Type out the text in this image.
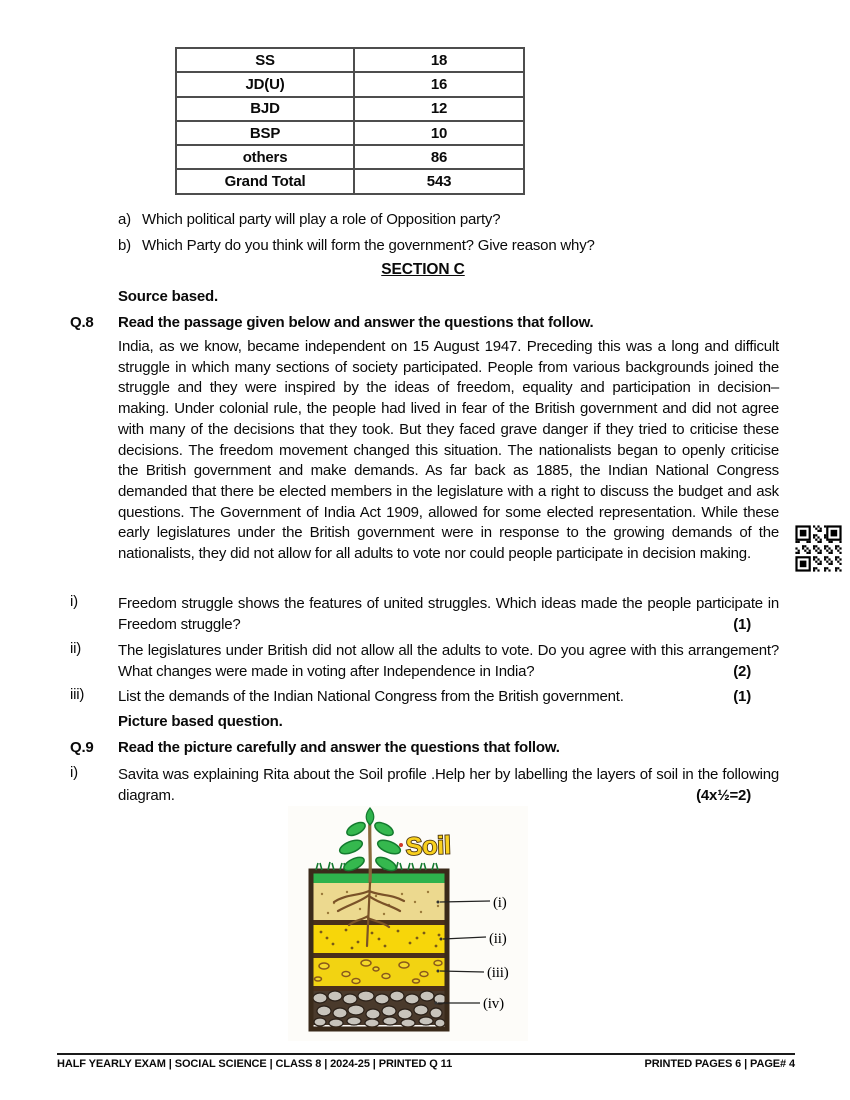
SS	18
JD(U)	16
BJD	12
BSP	10
others	86
Grand Total	543
a) Which political party will play a role of Opposition party?
b) Which Party do you think will form the government? Give reason why?
SECTION C
Source based.
Q.8 Read the passage given below and answer the questions that follow.
India, as we know, became independent on 15 August 1947. Preceding this was a long and difficult struggle in which many sections of society participated. People from various backgrounds joined the struggle and they were inspired by the ideas of freedom, equality and participation in decision– making. Under colonial rule, the people had lived in fear of the British government and did not agree with many of the decisions that they took. But they faced grave danger if they tried to criticise these decisions. The freedom movement changed this situation. The nationalists began to openly criticise the British government and make demands. As far back as 1885, the Indian National Congress demanded that there be elected members in the legislature with a right to discuss the budget and ask questions. The Government of India Act 1909, allowed for some elected representation. While these early legislatures under the British government were in response to the growing demands of the nationalists, they did not allow for all adults to vote nor could people participate in decision making.
i)	Freedom struggle shows the features of united struggles. Which ideas made the people participate in Freedom struggle?	(1)
ii) The legislatures under British did not allow all the adults to vote. Do you agree with this arrangement? What changes were made in voting after Independence in India?	(2)
iii) List the demands of the Indian National Congress from the British government.	(1)
Picture based question.
Q.9 Read the picture carefully and answer the questions that follow.
i)	Savita was explaining Rita about the Soil profile .Help her by labelling the layers of soil in the following diagram.	(4x½=2)
Soil
(i)
(ii)
(iii)
(iv)
HALF YEARLY EXAM | SOCIAL SCIENCE | CLASS 8 | 2024-25 | PRINTED Q 11	PRINTED PAGES 6 | PAGE# 4
